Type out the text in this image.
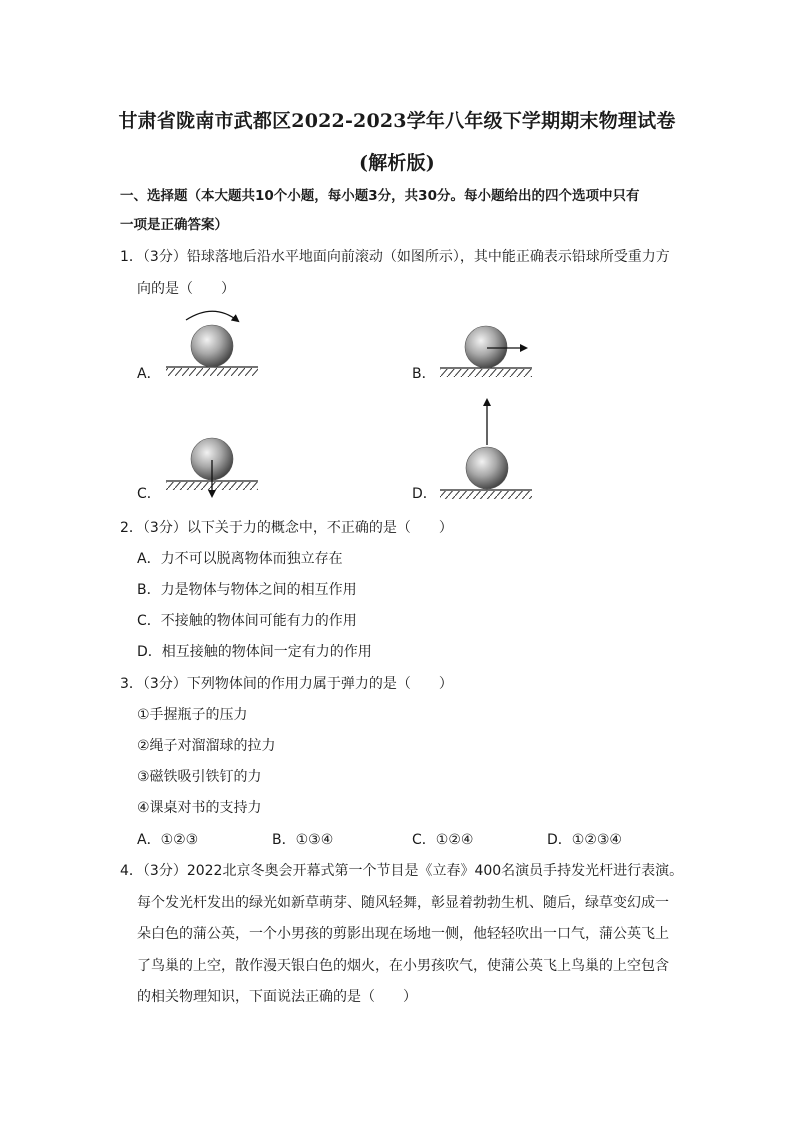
甘肃省陇南市武都区2022-2023学年八年级下学期期末物理试卷
(解析版)
一、选择题（本大题共10个小题，每小题3分，共30分。每小题给出的四个选项中只有
一项是正确答案）
1．（3分）铅球落地后沿水平地面向前滚动（如图所示），其中能正确表示铅球所受重力方
向的是（　　）
A．	B．
C．	D．
2．（3分）以下关于力的概念中，不正确的是（　　）
A．力不可以脱离物体而独立存在
B．力是物体与物体之间的相互作用
C．不接触的物体间可能有力的作用
D．相互接触的物体间一定有力的作用
3．（3分）下列物体间的作用力属于弹力的是（　　）
①手握瓶子的压力
②绳子对溜溜球的拉力
③磁铁吸引铁钉的力
④课桌对书的支持力
A．①②③	B．①③④	C．①②④	D．①②③④
4．（3分）2022北京冬奥会开幕式第一个节目是《立春》400名演员手持发光杆进行表演。
每个发光杆发出的绿光如新草萌芽、随风轻舞，彰显着勃勃生机、随后，绿草变幻成一
朵白色的蒲公英，一个小男孩的剪影出现在场地一侧，他轻轻吹出一口气，蒲公英飞上
了鸟巢的上空，散作漫天银白色的烟火，在小男孩吹气，使蒲公英飞上鸟巢的上空包含
的相关物理知识，下面说法正确的是（　　）
